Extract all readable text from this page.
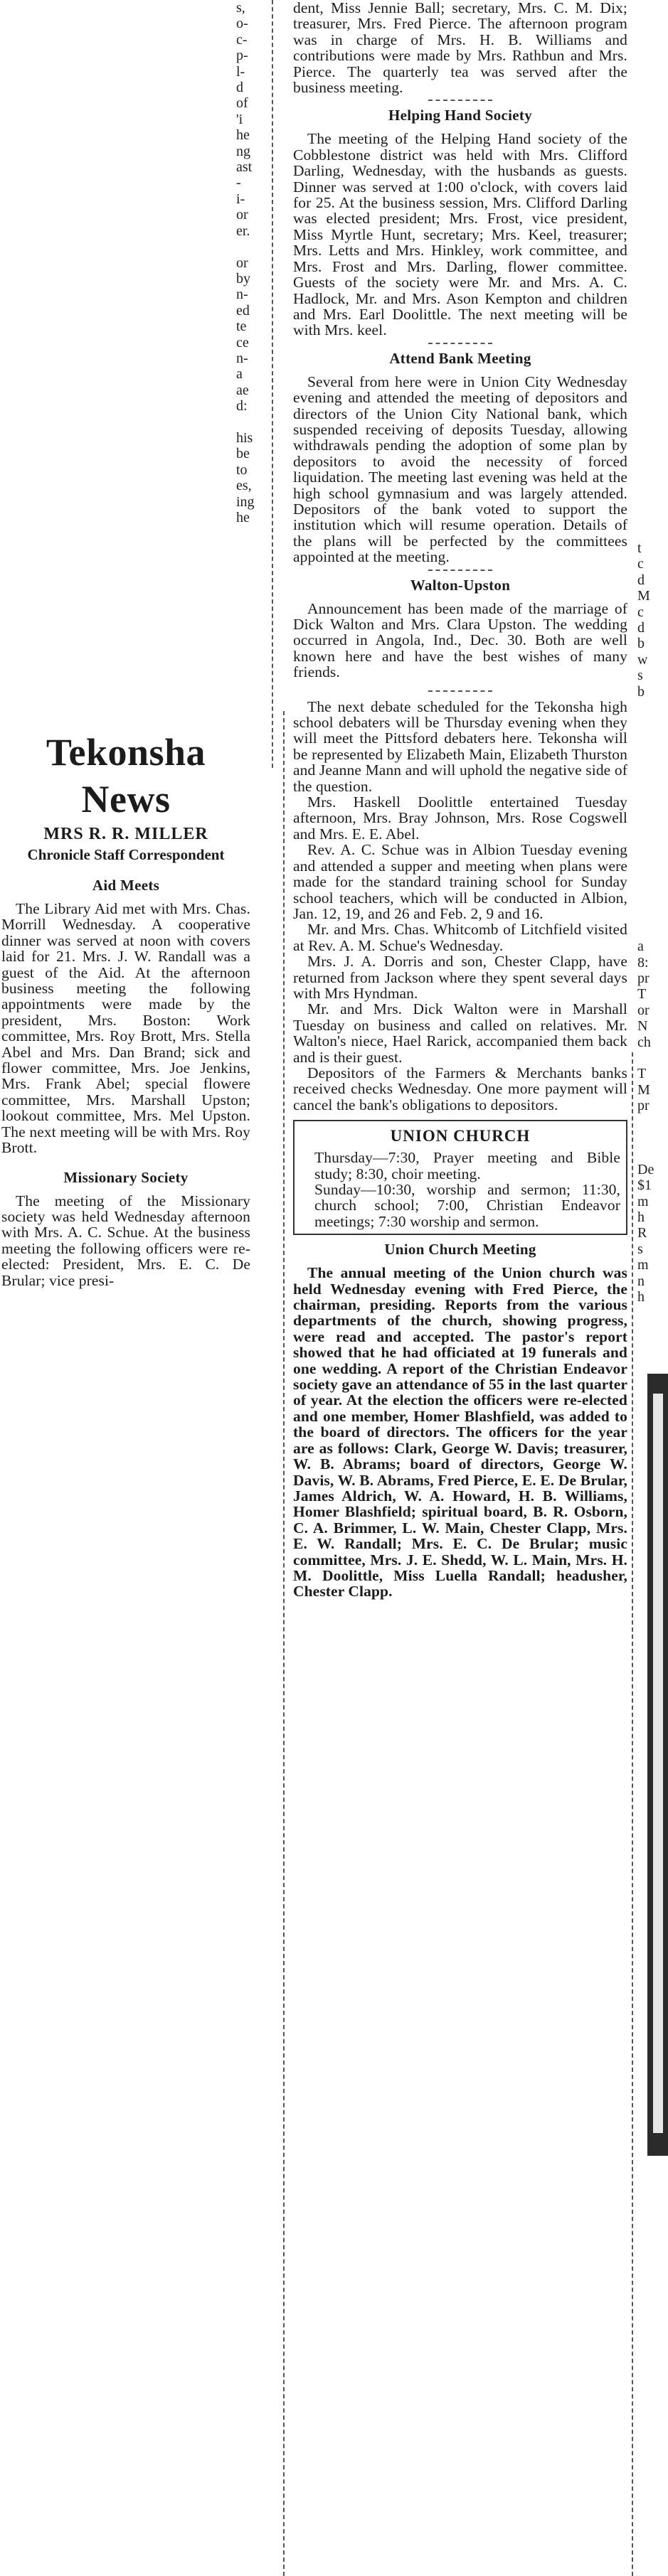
s,
o-
c-
p-
l-
d
of
'i
he
ng
ast
-
i-
or
er.

or
by
n-
ed
te
ce
n-
a
ae
d:

his
be
to
es,
ing
he
Tekonsha News
MRS R. R. MILLER
Chronicle Staff Correspondent
Aid Meets

The Library Aid met with Mrs. Chas. Morrill Wednesday. A cooperative dinner was served at noon with covers laid for 21. Mrs. J. W. Randall was a guest of the Aid. At the afternoon business meeting the following appointments were made by the president, Mrs. Boston: Work committee, Mrs. Roy Brott, Mrs. Stella Abel and Mrs. Dan Brand; sick and flower committee, Mrs. Joe Jenkins, Mrs. Frank Abel; special flowere committee, Mrs. Marshall Upston; lookout committee, Mrs. Mel Upston. The next meeting will be with Mrs. Roy Brott.

Missionary Society

The meeting of the Missionary society was held Wednesday afternoon with Mrs. A. C. Schue. At the business meeting the following officers were re-elected: President, Mrs. E. C. De Brular; vice presi-

dent, Miss Jennie Ball; secretary, Mrs. C. M. Dix; treasurer, Mrs. Fred Pierce. The afternoon program was in charge of Mrs. H. B. Williams and contributions were made by Mrs. Rathbun and Mrs. Pierce. The quarterly tea was served after the business meeting.

Helping Hand Society

The meeting of the Helping Hand society of the Cobblestone district was held with Mrs. Clifford Darling, Wednesday, with the husbands as guests. Dinner was served at 1:00 o'clock, with covers laid for 25. At the business session, Mrs. Clifford Darling was elected president; Mrs. Frost, vice president, Miss Myrtle Hunt, secretary; Mrs. Keel, treasurer; Mrs. Letts and Mrs. Hinkley, work committee, and Mrs. Frost and Mrs. Darling, flower committee. Guests of the society were Mr. and Mrs. A. C. Hadlock, Mr. and Mrs. Ason Kempton and children and Mrs. Earl Doolittle. The next meeting will be with Mrs. keel.

Attend Bank Meeting

Several from here were in Union City Wednesday evening and attended the meeting of depositors and directors of the Union City National bank, which suspended receiving of deposits Tuesday, allowing withdrawals pending the adoption of some plan by depositors to avoid the necessity of forced liquidation. The meeting last evening was held at the high school gymnasium and was largely attended. Depositors of the bank voted to support the institution which will resume operation. Details of the plans will be perfected by the committees appointed at the meeting.

Walton-Upston

Announcement has been made of the marriage of Dick Walton and Mrs. Clara Upston. The wedding occurred in Angola, Ind., Dec. 30. Both are well known here and have the best wishes of many friends.

The next debate scheduled for the Tekonsha high school debaters will be Thursday evening when they will meet the Pittsford debaters here. Tekonsha will be represented by Elizabeth Main, Elizabeth Thurston and Jeanne Mann and will uphold the negative side of the question.

Mrs. Haskell Doolittle entertained Tuesday afternoon, Mrs. Bray Johnson, Mrs. Rose Cogswell and Mrs. E. E. Abel.

Rev. A. C. Schue was in Albion Tuesday evening and attended a supper and meeting when plans were made for the standard training school for Sunday school teachers, which will be conducted in Albion, Jan. 12, 19, and 26 and Feb. 2, 9 and 16.

Mr. and Mrs. Chas. Whitcomb of Litchfield visited at Rev. A. M. Schue's Wednesday.

Mrs. J. A. Dorris and son, Chester Clapp, have returned from Jackson where they spent several days with Mrs Hyndman.

Mr. and Mrs. Dick Walton were in Marshall Tuesday on business and called on relatives. Mr. Walton's niece, Hael Rarick, accompanied them back and is their guest.

Depositors of the Farmers & Merchants banks received checks Wednesday. One more payment will cancel the bank's obligations to depositors.

UNION CHURCH

Thursday—7:30, Prayer meeting and Bible study; 8:30, choir meeting.

Sunday—10:30, worship and sermon; 11:30, church school; 7:00, Christian Endeavor meetings; 7:30 worship and sermon.

Union Church Meeting

The annual meeting of the Union church was held Wednesday evening with Fred Pierce, the chairman, presiding. Reports from the various departments of the church, showing progress, were read and accepted. The pastor's report showed that he had officiated at 19 funerals and one wedding. A report of the Christian Endeavor society gave an attendance of 55 in the last quarter of year. At the election the officers were re-elected and one member, Homer Blashfield, was added to the board of directors. The officers for the year are as follows: Clark, George W. Davis; treasurer, W. B. Abrams; board of directors, George W. Davis, W. B. Abrams, Fred Pierce, E. E. De Brular, James Aldrich, W. A. Howard, H. B. Williams, Homer Blashfield; spiritual board, B. R. Osborn, C. A. Brimmer, L. W. Main, Chester Clapp, Mrs. E. W. Randall; Mrs. E. C. De Brular; music committee, Mrs. J. E. Shedd, W. L. Main, Mrs. H. M. Doolittle, Miss Luella Randall; headusher, Chester Clapp.

t
c
d
M
c
d
b
w
s
b

a
8:
pr
T
or
N
ch

T
M
pr

De
$1
m
h
R
s
m
n
h
